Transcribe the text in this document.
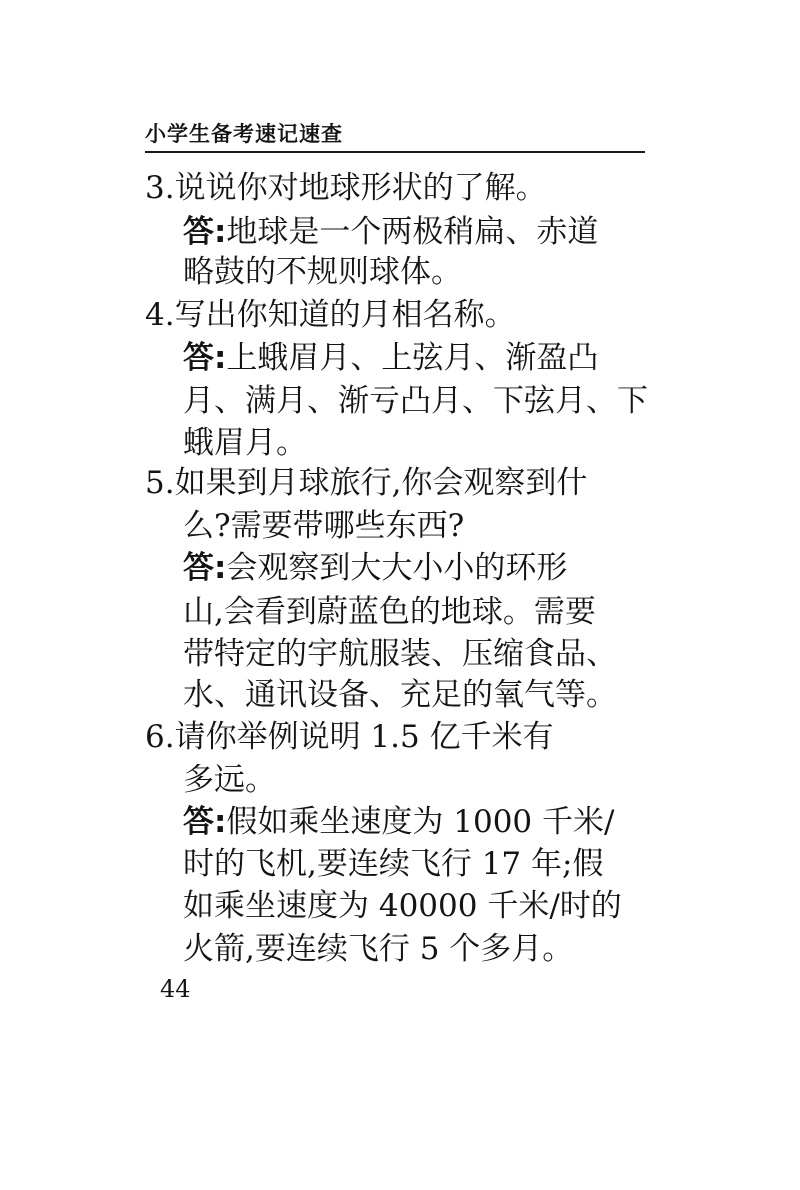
小学生备考速记速查
3.说说你对地球形状的了解。
答:地球是一个两极稍扁、赤道
略鼓的不规则球体。
4.写出你知道的月相名称。
答:上蛾眉月、上弦月、渐盈凸
月、满月、渐亏凸月、下弦月、下
蛾眉月。
5.如果到月球旅行,你会观察到什
么?需要带哪些东西?
答:会观察到大大小小的环形
山,会看到蔚蓝色的地球。需要
带特定的宇航服装、压缩食品、
水、通讯设备、充足的氧气等。
6.请你举例说明 1.5 亿千米有
多远。
答:假如乘坐速度为 1000 千米/
时的飞机,要连续飞行 17 年;假
如乘坐速度为 40000 千米/时的
火箭,要连续飞行 5 个多月。
44
